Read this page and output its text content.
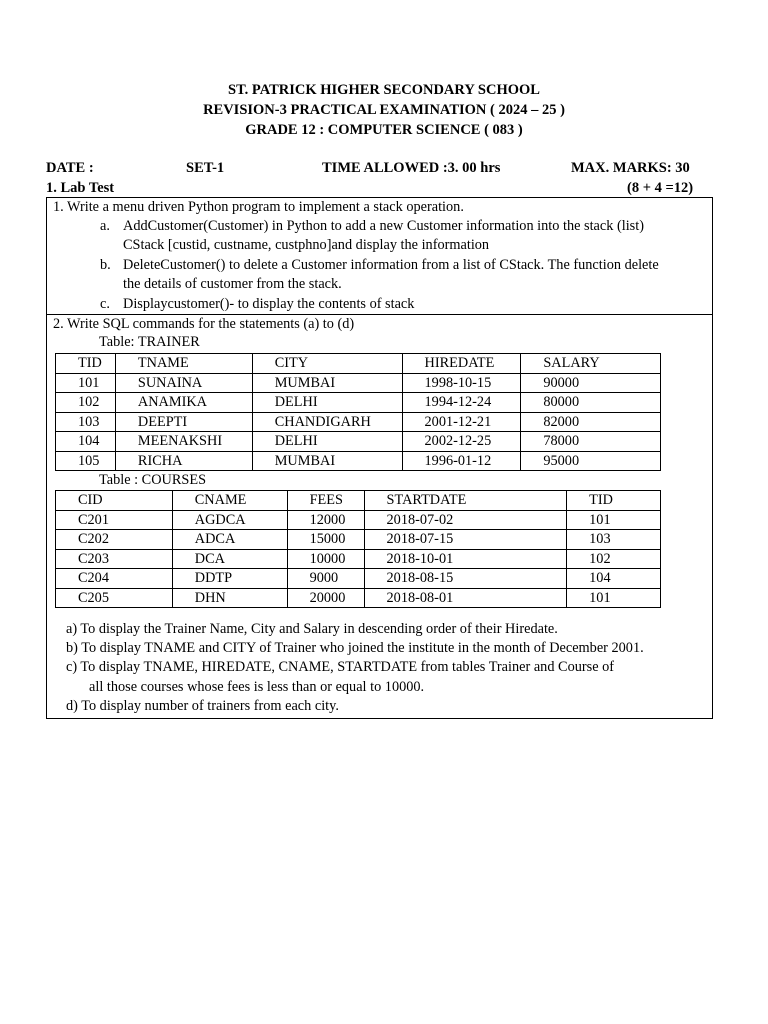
ST. PATRICK HIGHER SECONDARY SCHOOL
REVISION-3 PRACTICAL EXAMINATION ( 2024 – 25 )
GRADE 12 : COMPUTER SCIENCE ( 083 )
DATE :	SET-1	TIME ALLOWED :3. 00 hrs	MAX. MARKS: 30
1. Lab Test	(8 + 4 =12)
1. Write a menu driven Python program to implement a stack operation.
a. AddCustomer(Customer) in Python to add a new Customer information into the stack (list)
CStack [custid, custname, custphno]and display the information
b. DeleteCustomer() to delete a Customer information from a list of CStack. The function delete
the details of customer from the stack.
c. Displaycustomer()- to display the contents of stack
2. Write SQL commands for the statements (a) to (d)
Table: TRAINER
TID	TNAME	CITY	HIREDATE	SALARY
101	SUNAINA	MUMBAI	1998-10-15	90000
102	ANAMIKA	DELHI	1994-12-24	80000
103	DEEPTI	CHANDIGARH	2001-12-21	82000
104	MEENAKSHI	DELHI	2002-12-25	78000
105	RICHA	MUMBAI	1996-01-12	95000
Table : COURSES
CID	CNAME	FEES	STARTDATE	TID
C201	AGDCA	12000	2018-07-02	101
C202	ADCA	15000	2018-07-15	103
C203	DCA	10000	2018-10-01	102
C204	DDTP	9000	2018-08-15	104
C205	DHN	20000	2018-08-01	101
a) To display the Trainer Name, City and Salary in descending order of their Hiredate.
b) To display TNAME and CITY of Trainer who joined the institute in the month of December 2001.
c) To display TNAME, HIREDATE, CNAME, STARTDATE from tables Trainer and Course of
all those courses whose fees is less than or equal to 10000.
d) To display number of trainers from each city.
